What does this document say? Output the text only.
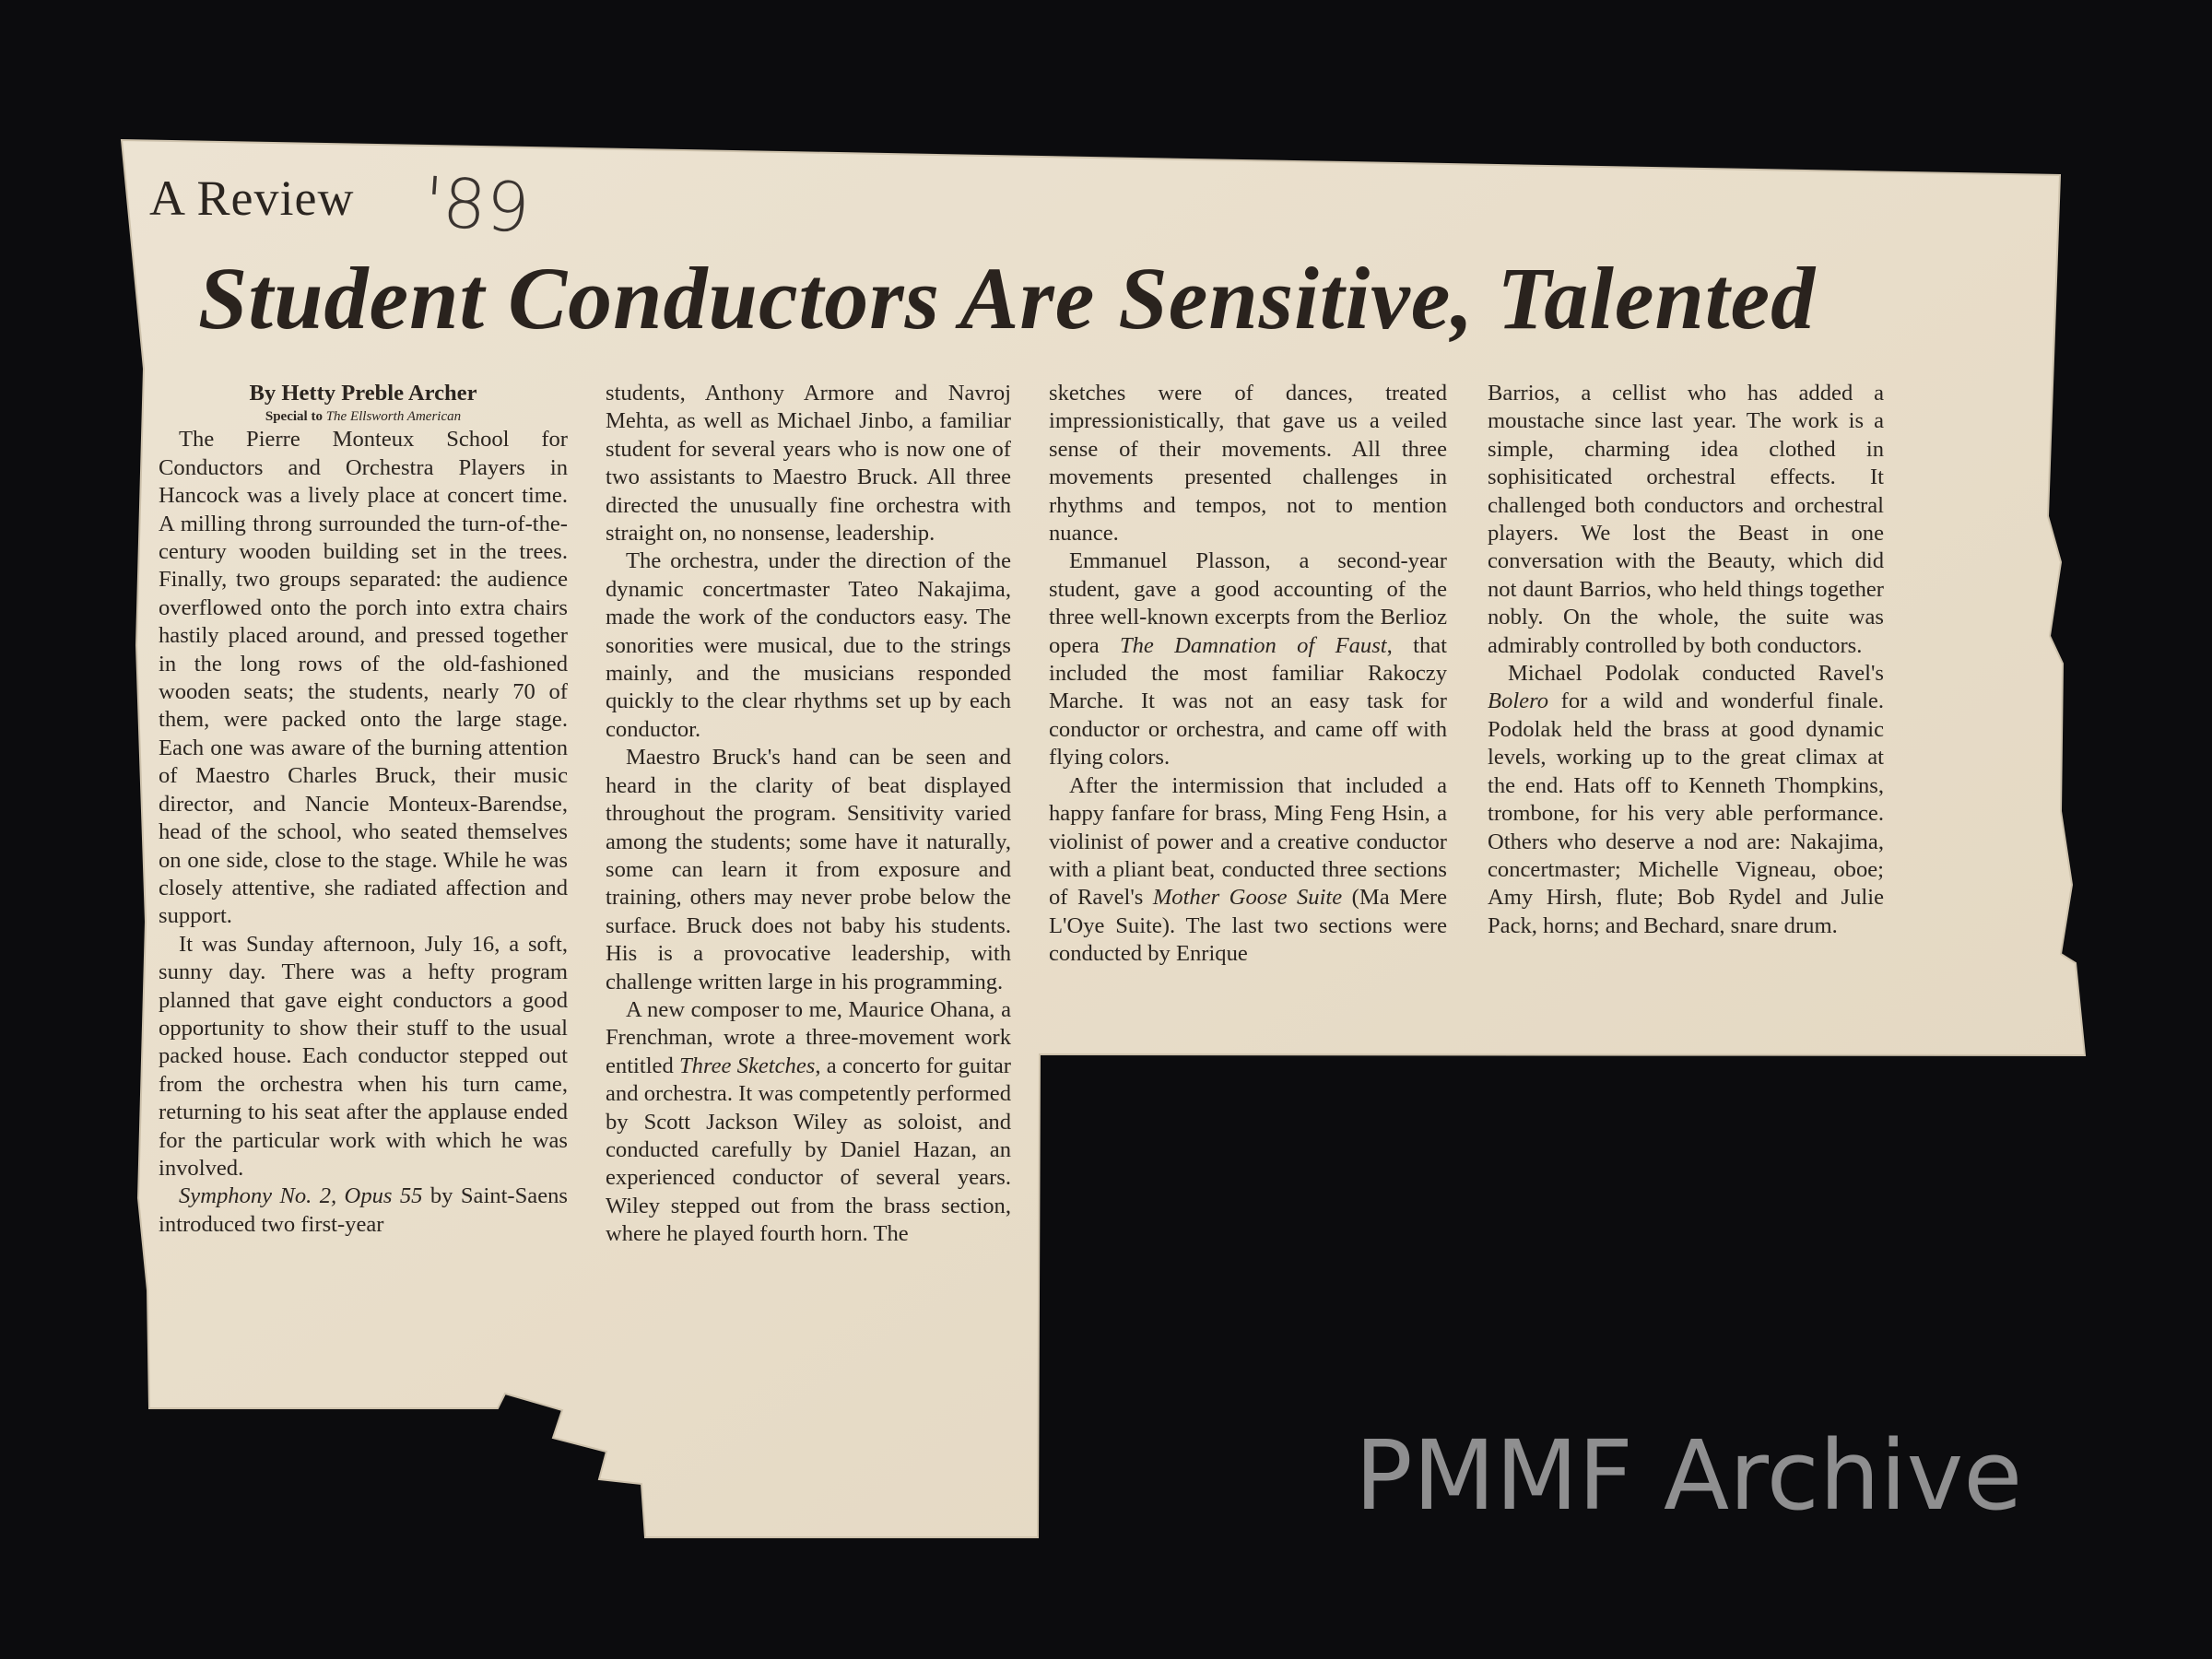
A Review '89
Student Conductors Are Sensitive, Talented
By Hetty Preble Archer
Special to The Ellsworth American

The Pierre Monteux School for Conductors and Orchestra Players in Hancock was a lively place at concert time. A milling throng surrounded the turn-of-the-century wooden building set in the trees. Finally, two groups separated: the audience overflowed onto the porch into extra chairs hastily placed around, and pressed together in the long rows of the old-fashioned wooden seats; the students, nearly 70 of them, were packed onto the large stage. Each one was aware of the burning attention of Maestro Charles Bruck, their music director, and Nancie Monteux-Barendse, head of the school, who seated themselves on one side, close to the stage. While he was closely attentive, she radiated affection and support.

It was Sunday afternoon, July 16, a soft, sunny day. There was a hefty program planned that gave eight conductors a good opportunity to show their stuff to the usual packed house. Each conductor stepped out from the orchestra when his turn came, returning to his seat after the applause ended for the particular work with which he was involved.

Symphony No. 2, Opus 55 by Saint-Saens introduced two first-year

students, Anthony Armore and Navroj Mehta, as well as Michael Jinbo, a familiar student for several years who is now one of two assistants to Maestro Bruck. All three directed the unusually fine orchestra with straight on, no nonsense, leadership.

The orchestra, under the direction of the dynamic concertmaster Tateo Nakajima, made the work of the conductors easy. The sonorities were musical, due to the strings mainly, and the musicians responded quickly to the clear rhythms set up by each conductor.

Maestro Bruck's hand can be seen and heard in the clarity of beat displayed throughout the program. Sensitivity varied among the students; some have it naturally, some can learn it from exposure and training, others may never probe below the surface. Bruck does not baby his students. His is a provocative leadership, with challenge written large in his programming.

A new composer to me, Maurice Ohana, a Frenchman, wrote a three-movement work entitled Three Sketches, a concerto for guitar and orchestra. It was competently performed by Scott Jackson Wiley as soloist, and conducted carefully by Daniel Hazan, an experienced conductor of several years. Wiley stepped out from the brass section, where he played fourth horn. The

sketches were of dances, treated impressionistically, that gave us a veiled sense of their movements. All three movements presented challenges in rhythms and tempos, not to mention nuance.

Emmanuel Plasson, a second-year student, gave a good accounting of the three well-known excerpts from the Berlioz opera The Damnation of Faust, that included the most familiar Rakoczy Marche. It was not an easy task for conductor or orchestra, and came off with flying colors.

After the intermission that included a happy fanfare for brass, Ming Feng Hsin, a violinist of power and a creative conductor with a pliant beat, conducted three sections of Ravel's Mother Goose Suite (Ma Mere L'Oye Suite). The last two sections were conducted by Enrique

Barrios, a cellist who has added a moustache since last year. The work is a simple, charming idea clothed in sophisiticated orchestral effects. It challenged both conductors and orchestral players. We lost the Beast in one conversation with the Beauty, which did not daunt Barrios, who held things together nobly. On the whole, the suite was admirably controlled by both conductors.

Michael Podolak conducted Ravel's Bolero for a wild and wonderful finale. Podolak held the brass at good dynamic levels, working up to the great climax at the end. Hats off to Kenneth Thompkins, trombone, for his very able performance. Others who deserve a nod are: Nakajima, concertmaster; Michelle Vigneau, oboe; Amy Hirsh, flute; Bob Rydel and Julie Pack, horns; and Bechard, snare drum.

PMMF Archive
